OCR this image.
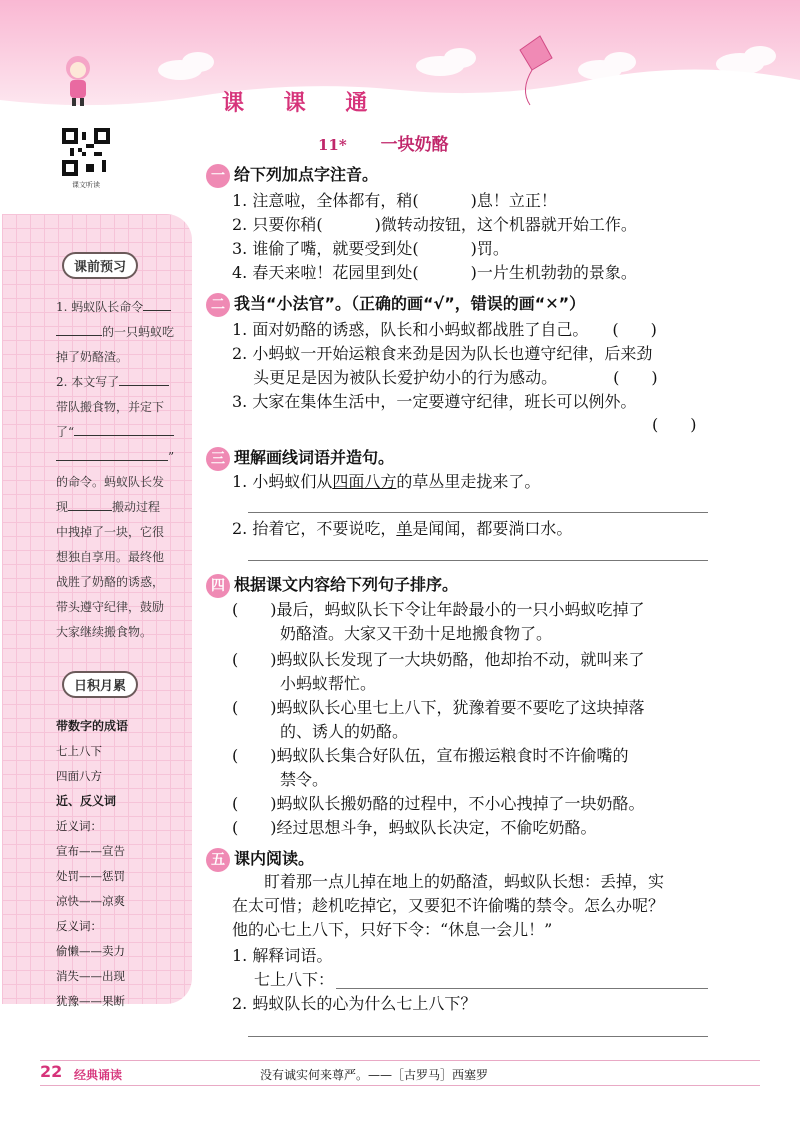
课 课 通
11* 一块奶酪
课文听读
课前预习
1. 蚂蚁队长命令
的一只蚂蚁吃
掉了奶酪渣。
2. 本文写了
带队搬食物，并定下
了“
”
的命令。蚂蚁队长发
现	搬动过程
中拽掉了一块，它很
想独自享用。最终他
战胜了奶酪的诱惑，
带头遵守纪律，鼓励
大家继续搬食物。
日积月累
带数字的成语
七上八下
四面八方
近、反义词
近义词：
宣布——宣告
处罚——惩罚
凉快——凉爽
反义词：
偷懒——卖力
消失——出现
犹豫——果断
一 给下列加点字注音。
1. 注意啦，全体都有，稍(	)息！立正！
2. 只要你稍(	)微转动按钮，这个机器就开始工作。
3. 谁偷了嘴，就要受到处(	)罚。
4. 春天来啦！花园里到处(	)一片生机勃勃的景象。
二 我当“小法官”。（正确的画“√”，错误的画“✕”）
1. 面对奶酪的诱惑，队长和小蚂蚁都战胜了自己。　　(　　)
2. 小蚂蚁一开始运粮食来劲是因为队长也遵守纪律，后来劲
　 头更足是因为被队长爱护幼小的行为感动。　　　　(　　)
3. 大家在集体生活中，一定要遵守纪律，班长可以例外。
(　　)
三 理解画线词语并造句。
1. 小蚂蚁们从四面八方的草丛里走拢来了。
2. 抬着它，不要说吃，单是闻闻，都要淌口水。
四 根据课文内容给下列句子排序。
(　　)最后，蚂蚁队长下令让年龄最小的一只小蚂蚁吃掉了
　　　奶酪渣。大家又干劲十足地搬食物了。
(　　)蚂蚁队长发现了一大块奶酪，他却抬不动，就叫来了
　　　小蚂蚁帮忙。
(　　)蚂蚁队长心里七上八下，犹豫着要不要吃了这块掉落
　　　的、诱人的奶酪。
(　　)蚂蚁队长集合好队伍，宣布搬运粮食时不许偷嘴的
　　　禁令。
(　　)蚂蚁队长搬奶酪的过程中，不小心拽掉了一块奶酪。
(　　)经过思想斗争，蚂蚁队长决定，不偷吃奶酪。
五 课内阅读。
　　盯着那一点儿掉在地上的奶酪渣，蚂蚁队长想：丢掉，实
在太可惜；趁机吃掉它，又要犯不许偷嘴的禁令。怎么办呢？
他的心七上八下，只好下令：“休息一会儿！”
1. 解释词语。
七上八下：
2. 蚂蚁队长的心为什么七上八下？
22 经典诵读	没有诚实何来尊严。——［古罗马］西塞罗
